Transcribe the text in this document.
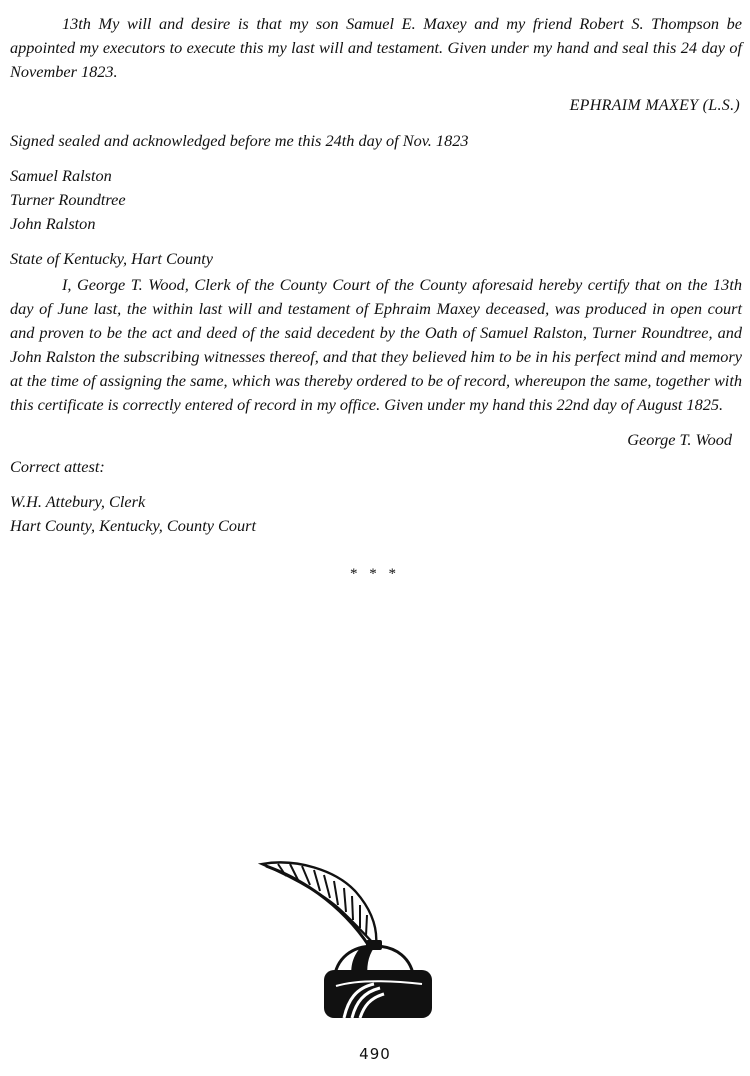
13th My will and desire is that my son Samuel E. Maxey and my friend Robert S. Thompson be appointed my executors to execute this my last will and testament. Given under my hand and seal this 24 day of November 1823.

EPHRAIM MAXEY (L.S.)

Signed sealed and acknowledged before me this 24th day of Nov. 1823

Samuel Ralston

Turner Roundtree

John Ralston

State of Kentucky, Hart County

I, George T. Wood, Clerk of the County Court of the County aforesaid hereby certify that on the 13th day of June last, the within last will and testament of Ephraim Maxey deceased, was produced in open court and proven to be the act and deed of the said decedent by the Oath of Samuel Ralston, Turner Roundtree, and John Ralston the subscribing witnesses thereof, and that they believed him to be in his perfect mind and memory at the time of assigning the same, which was thereby ordered to be of record, whereupon the same, together with this certificate is correctly entered of record in my office. Given under my hand this 22nd day of August 1825.

George T. Wood

Correct attest:

W.H. Attebury, Clerk

Hart County, Kentucky, County Court

* * *
490
